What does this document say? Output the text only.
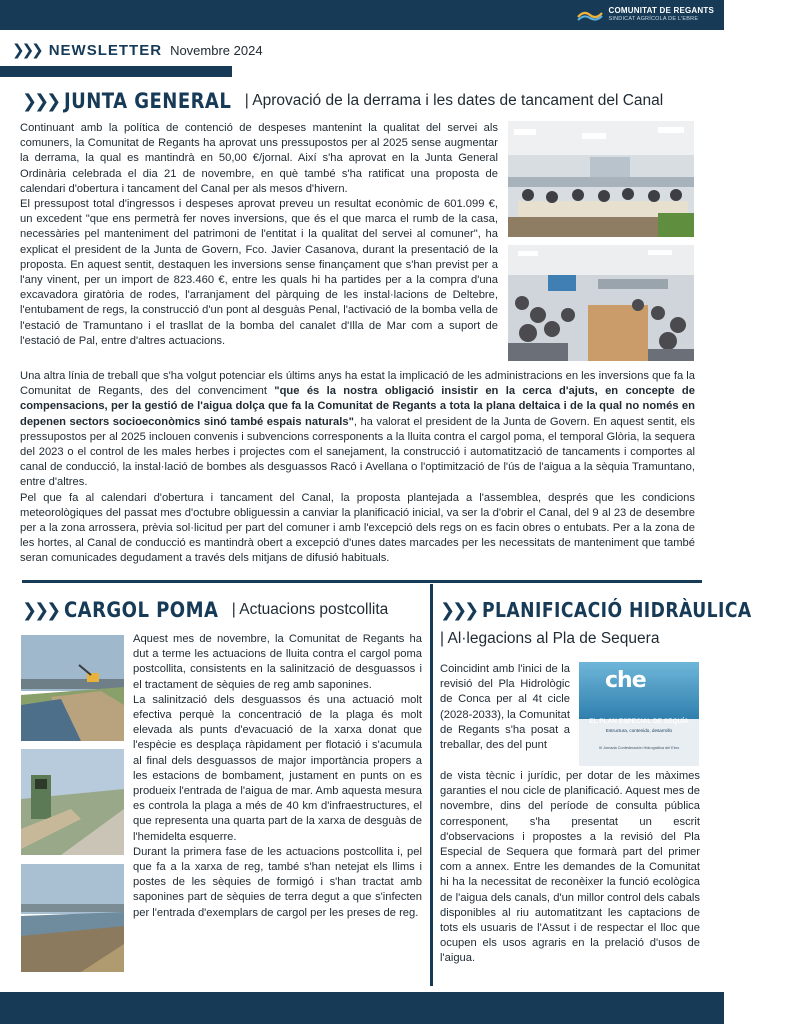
COMUNITAT DE REGANTS
SINDICAT AGRÍCOLA DE L'EBRE
❯❯❯ NEWSLETTER Novembre 2024
❯❯❯ JUNTA GENERAL | Aprovació de la derrama i les dates de tancament del Canal

Continuant amb la política de contenció de despeses mantenint la qualitat del servei als comuners, la Comunitat de Regants ha aprovat uns pressupostos per al 2025 sense augmentar la derrama, la qual es mantindrà en 50,00 €/jornal. Així s'ha aprovat en la Junta General Ordinària celebrada el dia 21 de novembre, en què també s'ha ratificat una proposta de calendari d'obertura i tancament del Canal per als mesos d'hivern.

El pressupost total d'ingressos i despeses aprovat preveu un resultat econòmic de 601.099 €, un excedent "que ens permetrà fer noves inversions, que és el que marca el rumb de la casa, necessàries pel manteniment del patrimoni de l'entitat i la qualitat del servei al comuner", ha explicat el president de la Junta de Govern, Fco. Javier Casanova, durant la presentació de la proposta. En aquest sentit, destaquen les inversions sense finançament que s'han previst per a l'any vinent, per un import de 823.460 €, entre les quals hi ha partides per a la compra d'una excavadora giratòria de rodes, l'arranjament del pàrquing de les instal·lacions de Deltebre, l'entubament de regs, la construcció d'un pont al desguàs Penal, l'activació de la bomba vella de l'estació de Tramuntano i el trasllat de la bomba del canalet d'Illa de Mar com a suport de l'estació de Pal, entre d'altres actuacions.

Una altra línia de treball que s'ha volgut potenciar els últims anys ha estat la implicació de les administracions en les inversions que fa la Comunitat de Regants, des del convenciment "que és la nostra obligació insistir en la cerca d'ajuts, en concepte de compensacions, per la gestió de l'aigua dolça que fa la Comunitat de Regants a tota la plana deltaica i de la qual no només en depenen sectors socioeconòmics sinó també espais naturals", ha valorat el president de la Junta de Govern. En aquest sentit, els pressupostos per al 2025 inclouen convenis i subvencions corresponents a la lluita contra el cargol poma, el temporal Glòria, la sequera del 2023 o el control de les males herbes i projectes com el sanejament, la construcció i automatització de tancaments i comportes al canal de conducció, la instal·lació de bombes als desguassos Racó i Avellana o l'optimització de l'ús de l'aigua a la sèquia Tramuntano, entre d'altres.

Pel que fa al calendari d'obertura i tancament del Canal, la proposta plantejada a l'assemblea, després que les condicions meteorològiques del passat mes d'octubre obliguessin a canviar la planificació inicial, va ser la d'obrir el Canal, del 9 al 23 de desembre per a la zona arrossera, prèvia sol·licitud per part del comuner i amb l'excepció dels regs on es facin obres o entubats. Per a la zona de les hortes, al Canal de conducció es mantindrà obert a excepció d'unes dates marcades per les necessitats de manteniment que també seran comunicades degudament a través dels mitjans de difusió habituals.

❯❯❯ CARGOL POMA | Actuacions postcollita

Aquest mes de novembre, la Comunitat de Regants ha dut a terme les actuacions de lluita contra el cargol poma postcollita, consistents en la salinització de desguassos i el tractament de sèquies de reg amb saponines.

La salinització dels desguassos és una actuació molt efectiva perquè la concentració de la plaga és molt elevada als punts d'evacuació de la xarxa donat que l'espècie es desplaça ràpidament per flotació i s'acumula al final dels desguassos de major importància propers a les estacions de bombament, justament en punts on es produeix l'entrada de l'aigua de mar. Amb aquesta mesura es controla la plaga a més de 40 km d'infraestructures, el que representa una quarta part de la xarxa de desguàs de l'hemidelta esquerre.

Durant la primera fase de les actuacions postcollita i, pel que fa a la xarxa de reg, també s'han netejat els llims i postes de les sèquies de formigó i s'han tractat amb saponines part de sèquies de terra degut a que s'infecten per l'entrada d'exemplars de cargol per les preses de reg.

❯❯❯ PLANIFICACIÓ HIDRÀULICA
| Al·legacions al Pla de Sequera
che
EL PLAN ESPECIAL DE SEQUÍA
Estructura, contenido, desarrollo
III Jornada Confederación Hidrográfica del Ebro

Coincidint amb l'inici de la revisió del Pla Hidrològic de Conca per al 4t cicle (2028-2033), la Comunitat de Regants s'ha posat a treballar, des del punt

de vista tècnic i jurídic, per dotar de les màximes garanties el nou cicle de planificació. Aquest mes de novembre, dins del període de consulta pública corresponent, s'ha presentat un escrit d'observacions i propostes a la revisió del Pla Especial de Sequera que formarà part del primer com a annex. Entre les demandes de la Comunitat hi ha la necessitat de reconèixer la funció ecològica de l'aigua dels canals, d'un millor control dels cabals disponibles al riu automatitzant les captacions de tots els usuaris de l'Assut i de respectar el lloc que ocupen els usos agraris en la prelació d'usos de l'aigua.
